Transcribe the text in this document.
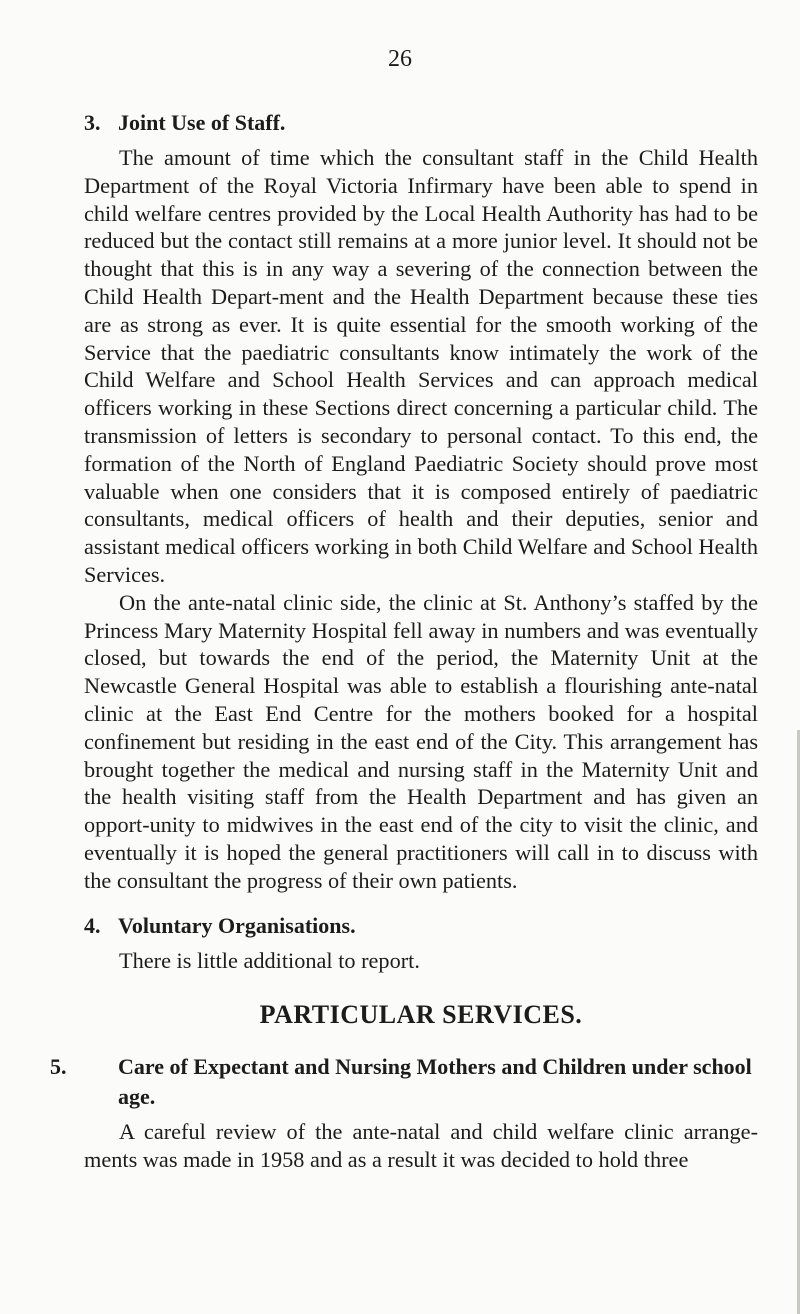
26
3. Joint Use of Staff.

The amount of time which the consultant staff in the Child Health Department of the Royal Victoria Infirmary have been able to spend in child welfare centres provided by the Local Health Authority has had to be reduced but the contact still remains at a more junior level. It should not be thought that this is in any way a severing of the connection between the Child Health Depart-ment and the Health Department because these ties are as strong as ever. It is quite essential for the smooth working of the Service that the paediatric consultants know intimately the work of the Child Welfare and School Health Services and can approach medical officers working in these Sections direct concerning a particular child. The transmission of letters is secondary to personal contact. To this end, the formation of the North of England Paediatric Society should prove most valuable when one considers that it is composed entirely of paediatric consultants, medical officers of health and their deputies, senior and assistant medical officers working in both Child Welfare and School Health Services.

On the ante-natal clinic side, the clinic at St. Anthony’s staffed by the Princess Mary Maternity Hospital fell away in numbers and was eventually closed, but towards the end of the period, the Maternity Unit at the Newcastle General Hospital was able to establish a flourishing ante-natal clinic at the East End Centre for the mothers booked for a hospital confinement but residing in the east end of the City. This arrangement has brought together the medical and nursing staff in the Maternity Unit and the health visiting staff from the Health Department and has given an opport-unity to midwives in the east end of the city to visit the clinic, and eventually it is hoped the general practitioners will call in to discuss with the consultant the progress of their own patients.

4. Voluntary Organisations.

There is little additional to report.

PARTICULAR SERVICES.
5. Care of Expectant and Nursing Mothers and Children under school age.

A careful review of the ante-natal and child welfare clinic arrange-ments was made in 1958 and as a result it was decided to hold three
